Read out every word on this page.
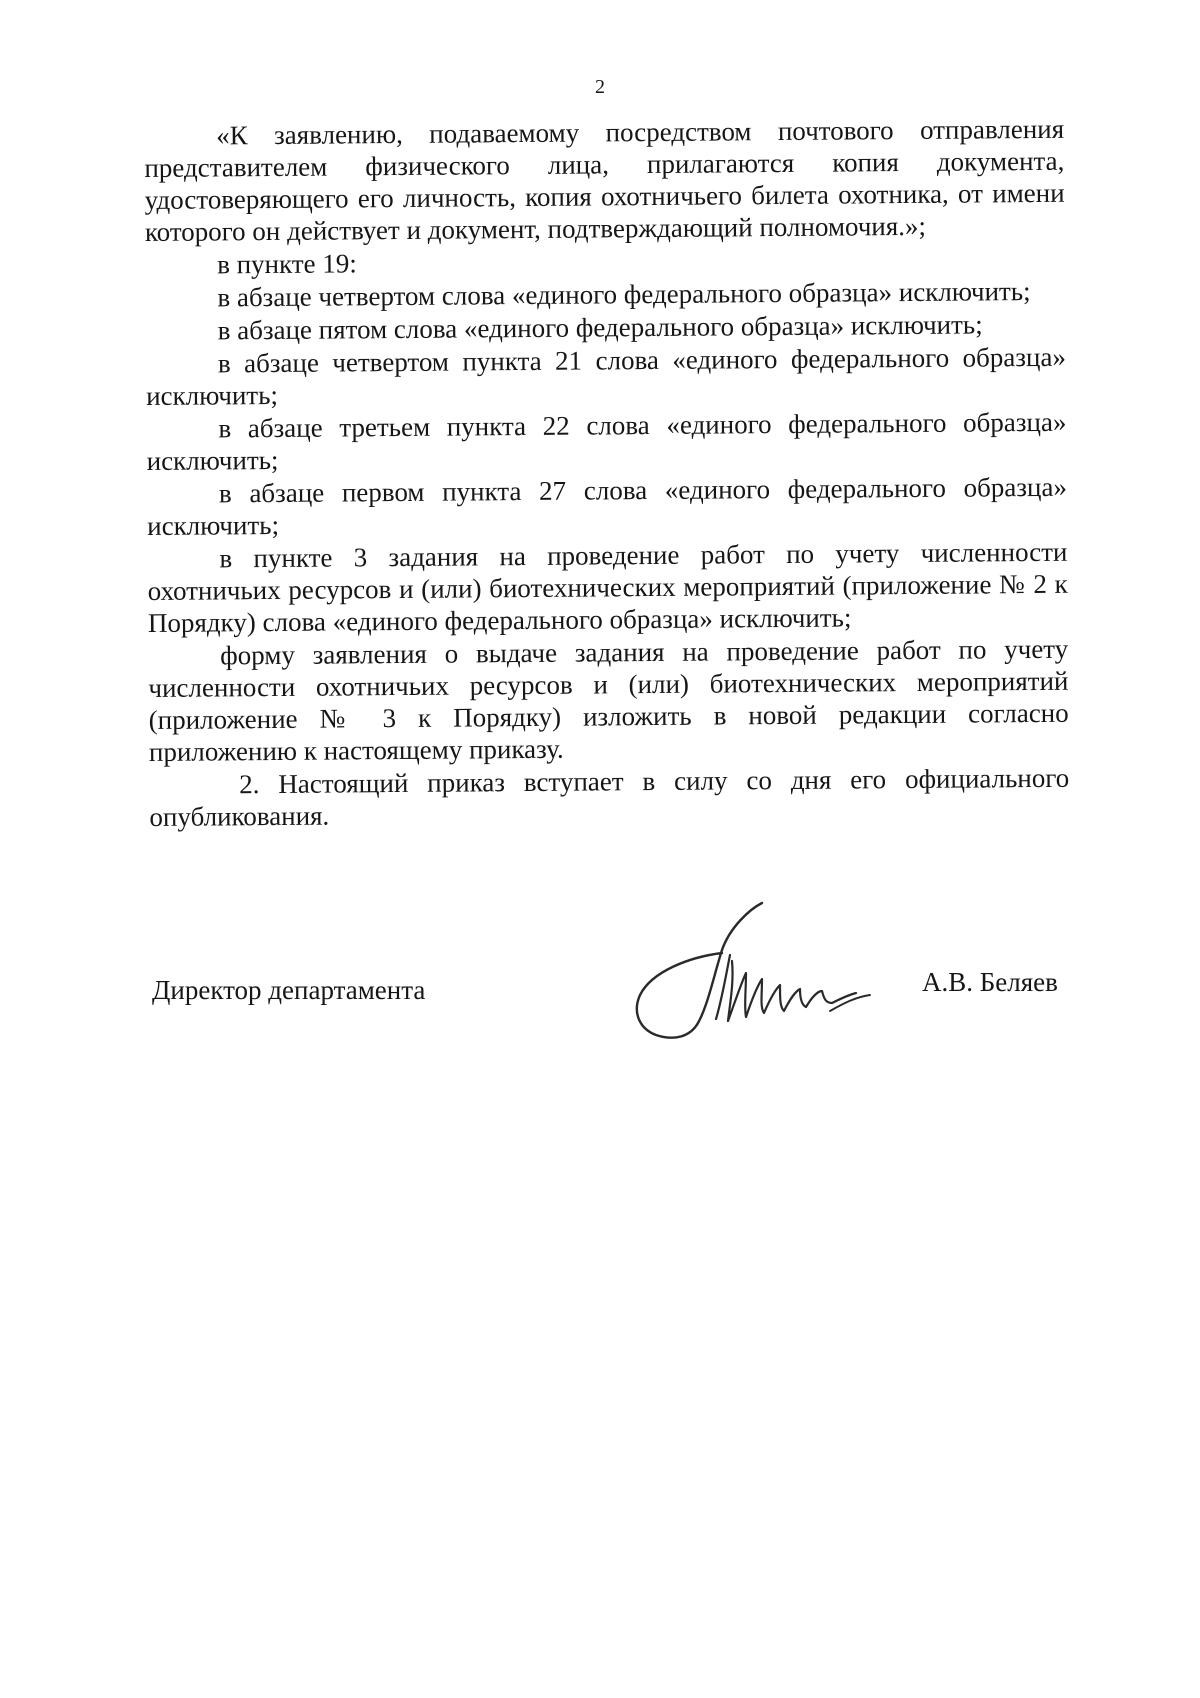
2

«К заявлению, подаваемому посредством почтового отправления представителем физического лица, прилагаются копия документа, удостоверяющего его личность, копия охотничьего билета охотника, от имени которого он действует и документ, подтверждающий полномочия.»;

в пункте 19:

в абзаце четвертом слова «единого федерального образца» исключить;

в абзаце пятом слова «единого федерального образца» исключить;

в абзаце четвертом пункта 21 слова «единого федерального образца» исключить;

в абзаце третьем пункта 22 слова «единого федерального образца» исключить;

в абзаце первом пункта 27 слова «единого федерального образца» исключить;

в пункте 3 задания на проведение работ по учету численности охотничьих ресурсов и (или) биотехнических мероприятий (приложение № 2 к Порядку) слова «единого федерального образца» исключить;

форму заявления о выдаче задания на проведение работ по учету численности охотничьих ресурсов и (или) биотехнических мероприятий (приложение № 3 к Порядку) изложить в новой редакции согласно приложению к настоящему приказу.

2. Настоящий приказ вступает в силу со дня его официального опубликования.

Директор департамента	А.В. Беляев
